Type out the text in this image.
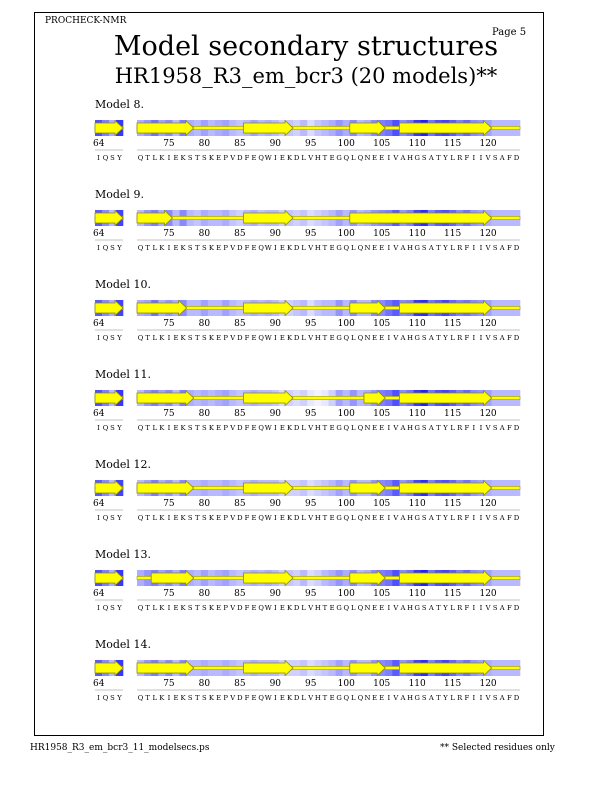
PROCHECK-NMR
Page 5
Model secondary structures
HR1958_R3_em_bcr3 (20 models)**
Model 8.
64	75	80	85	90	95 100 105 110 115 120
I Q S Y Q T L K I E K S T S K E P V D F E Q W I E K D L V H T E G Q L Q N E E I V A H G S A T Y L R F I I V S A F D
Model 9.
64	75	80	85	90	95 100 105 110 115 120
I Q S Y Q T L K I E K S T S K E P V D F E Q W I E K D L V H T E G Q L Q N E E I V A H G S A T Y L R F I I V S A F D
Model 10.
64	75	80	85	90	95 100 105 110 115 120
I Q S Y Q T L K I E K S T S K E P V D F E Q W I E K D L V H T E G Q L Q N E E I V A H G S A T Y L R F I I V S A F D
Model 11.
64	75	80	85	90	95 100 105 110 115 120
I Q S Y Q T L K I E K S T S K E P V D F E Q W I E K D L V H T E G Q L Q N E E I V A H G S A T Y L R F I I V S A F D
Model 12.
64	75	80	85	90	95 100 105 110 115 120
I Q S Y Q T L K I E K S T S K E P V D F E Q W I E K D L V H T E G Q L Q N E E I V A H G S A T Y L R F I I V S A F D
Model 13.
64	75	80	85	90	95 100 105 110 115 120
I Q S Y Q T L K I E K S T S K E P V D F E Q W I E K D L V H T E G Q L Q N E E I V A H G S A T Y L R F I I V S A F D
Model 14.
64	75	80	85	90	95 100 105 110 115 120
I Q S Y Q T L K I E K S T S K E P V D F E Q W I E K D L V H T E G Q L Q N E E I V A H G S A T Y L R F I I V S A F D
HR1958_R3_em_bcr3_11_modelsecs.ps	** Selected residues only
